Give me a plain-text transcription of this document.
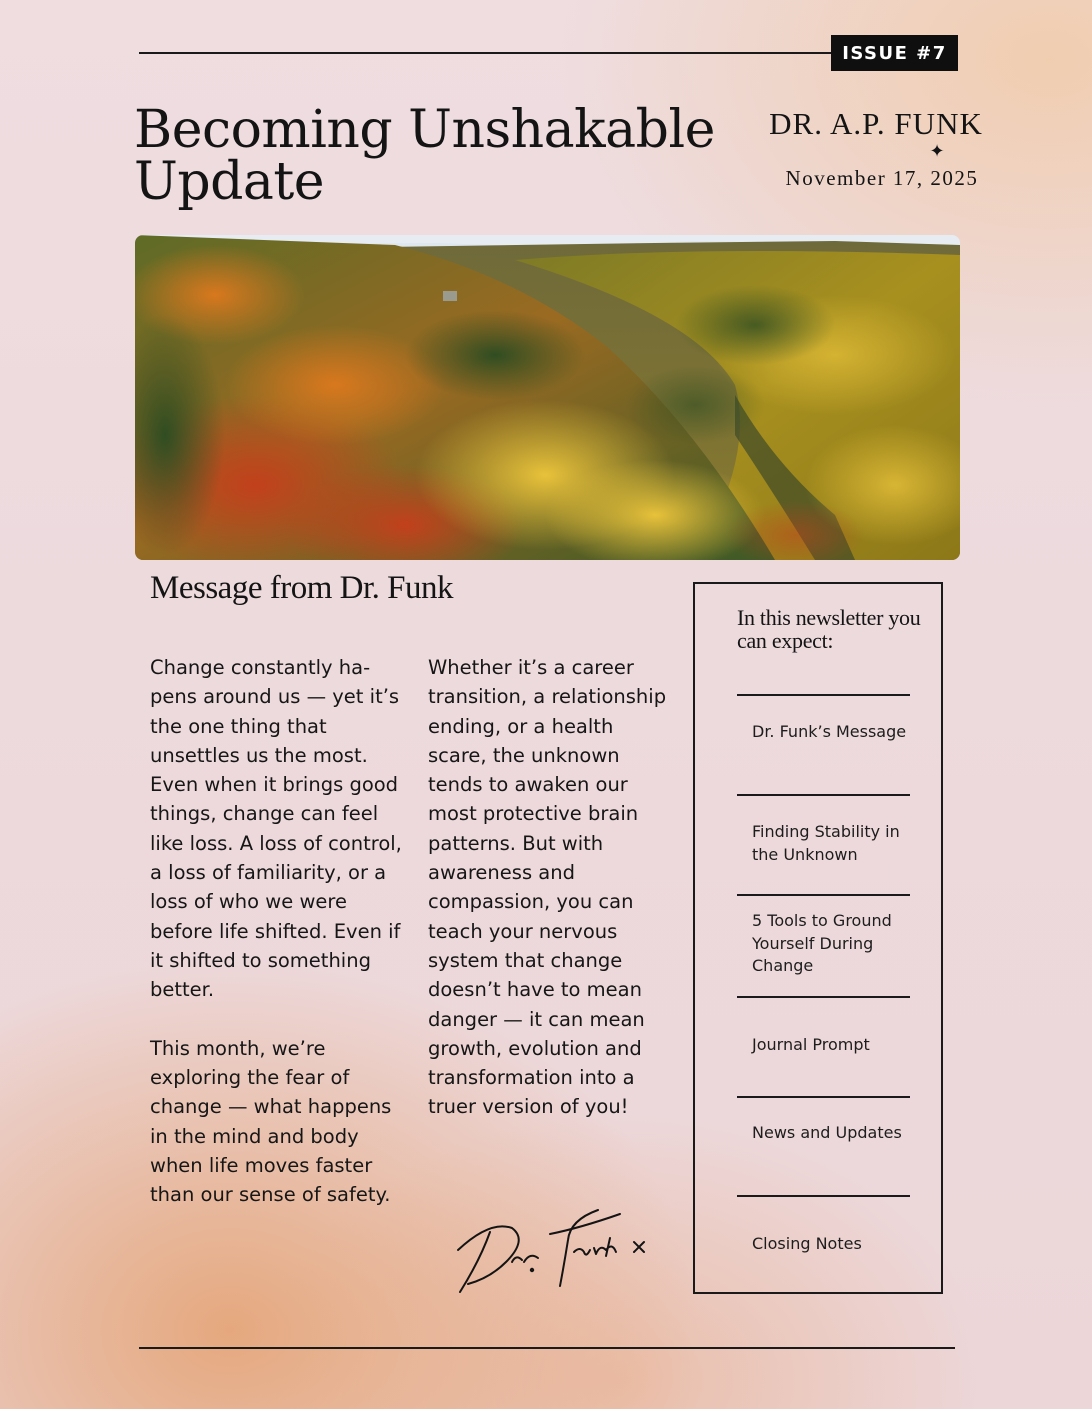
ISSUE #7
Becoming Unshakable Update
DR. A.P. FUNK
✦
November 17, 2025
Message from Dr. Funk

Change constantly ha-pens around us — yet it’s the one thing that unsettles us the most. Even when it brings good things, change can feel like loss. A loss of control, a loss of familiarity, or a loss of who we were before life shifted. Even if it shifted to something better.

This month, we’re exploring the fear of change — what happens in the mind and body when life moves faster than our sense of safety.

Whether it’s a career transition, a relationship ending, or a health scare, the unknown tends to awaken our most protective brain patterns. But with awareness and compassion, you can teach your nervous system that change doesn’t have to mean danger — it can mean growth, evolution and transformation into a truer version of you!

In this newsletter you can expect:
Dr. Funk’s Message
Finding Stability in the Unknown
5 Tools to Ground Yourself During Change
Journal Prompt
News and Updates
Closing Notes
